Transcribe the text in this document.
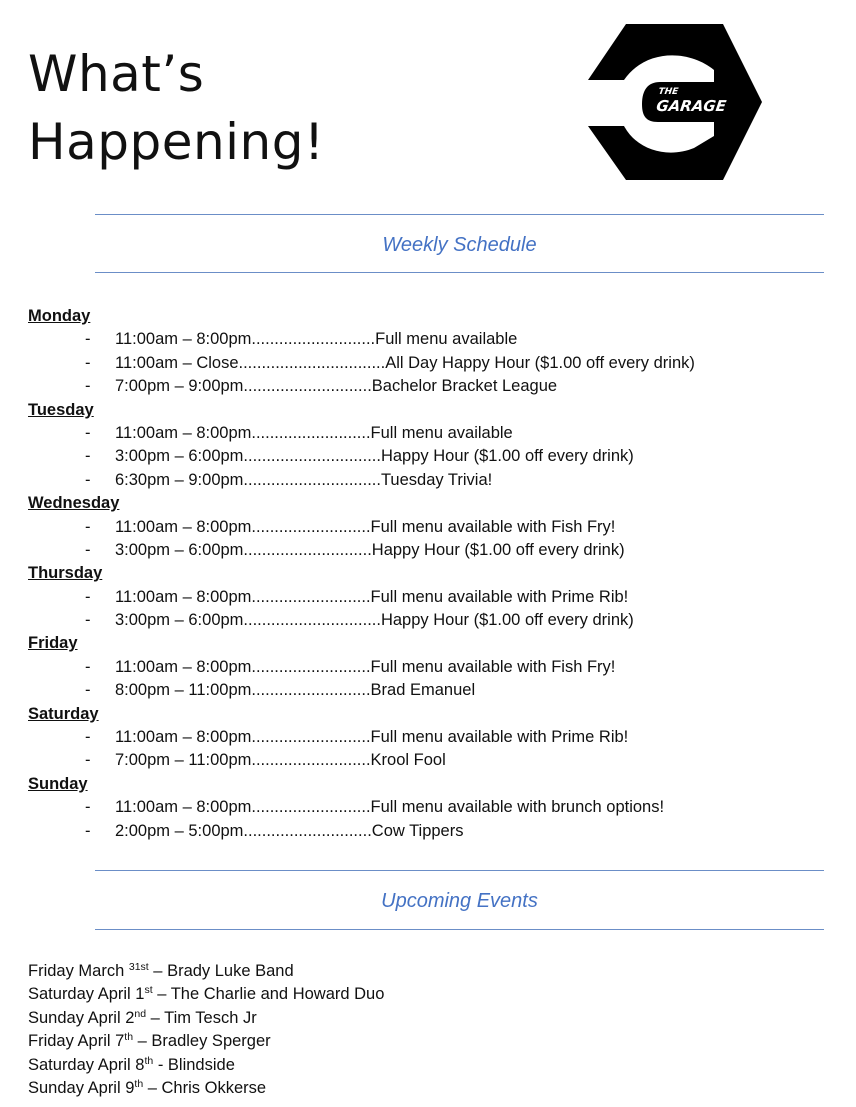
What’s
Happening!
THE
GARAGE
Weekly Schedule
Monday
- 11:00am – 8:00pm...........................Full menu available
- 11:00am – Close................................All Day Happy Hour ($1.00 off every drink)
- 7:00pm – 9:00pm............................Bachelor Bracket League
Tuesday
- 11:00am – 8:00pm..........................Full menu available
- 3:00pm – 6:00pm..............................Happy Hour ($1.00 off every drink)
- 6:30pm – 9:00pm..............................Tuesday Trivia!
Wednesday
- 11:00am – 8:00pm..........................Full menu available with Fish Fry!
- 3:00pm – 6:00pm............................Happy Hour ($1.00 off every drink)
Thursday
- 11:00am – 8:00pm..........................Full menu available with Prime Rib!
- 3:00pm – 6:00pm..............................Happy Hour ($1.00 off every drink)
Friday
- 11:00am – 8:00pm..........................Full menu available with Fish Fry!
- 8:00pm – 11:00pm..........................Brad Emanuel
Saturday
- 11:00am – 8:00pm..........................Full menu available with Prime Rib!
- 7:00pm – 11:00pm..........................Krool Fool
Sunday
- 11:00am – 8:00pm..........................Full menu available with brunch options!
- 2:00pm – 5:00pm............................Cow Tippers
Upcoming Events
Friday March $^{31st}$ – Brady Luke Band
Saturday April 1st – The Charlie and Howard Duo
Sunday April 2nd – Tim Tesch Jr
Friday April 7th – Bradley Sperger
Saturday April 8th - Blindside
Sunday April 9th – Chris Okkerse
